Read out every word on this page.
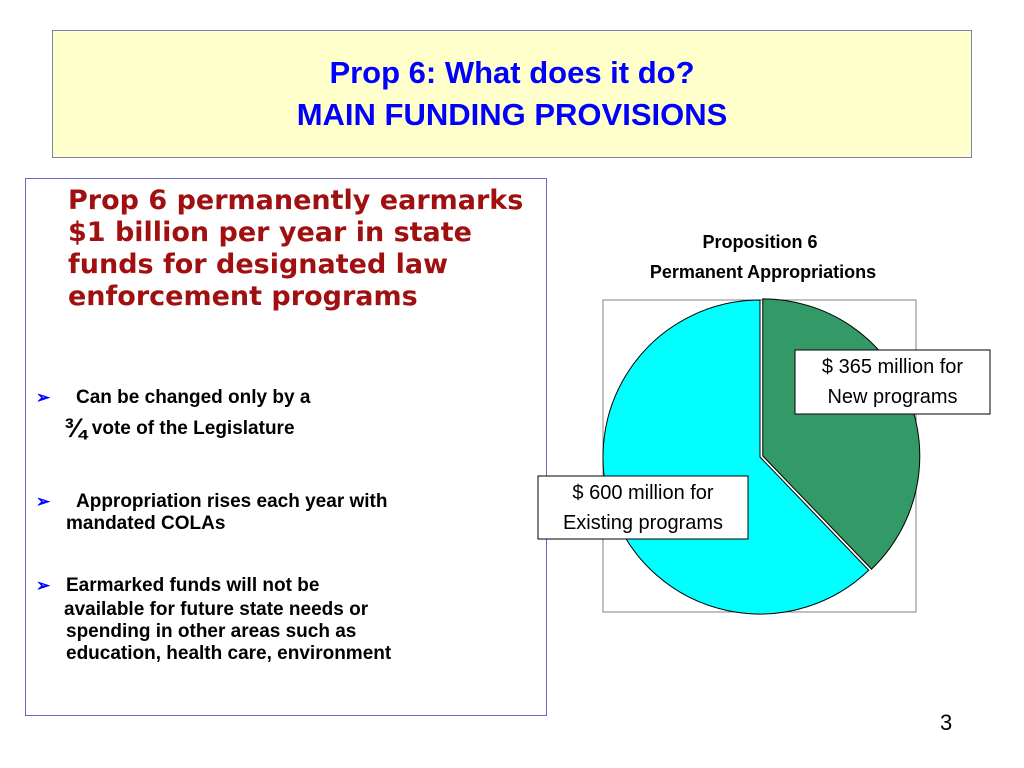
Prop 6: What does it do?
MAIN FUNDING PROVISIONS
Prop 6 permanently earmarks $1 billion per year in state funds for designated law enforcement programs
➢ Can be changed only by a
¾ vote of the Legislature
➢ Appropriation rises each year with
mandated COLAs
➢ Earmarked funds will not be
available for future state needs or
spending in other areas such as
education, health care, environment
Proposition 6
Permanent Appropriations
$ 365 million for
New programs
$ 600 million for
Existing programs
3
